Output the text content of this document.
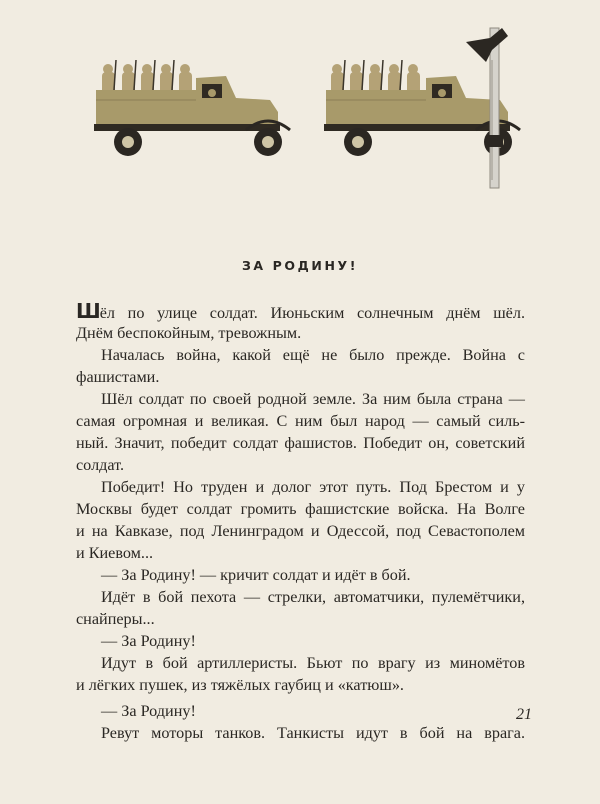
ЗА РОДИНУ!
Шёл по улице солдат. Июньским солнечным днём шёл.
Днём беспокойным, тревожным.
Началась война, какой ещё не было прежде. Война с
фашистами.
Шёл солдат по своей родной земле. За ним была страна —
самая огромная и великая. С ним был народ — самый силь-
ный. Значит, победит солдат фашистов. Победит он, советский
солдат.
Победит! Но труден и долог этот путь. Под Брестом и у
Москвы будет солдат громить фашистские войска. На Волге
и на Кавказе, под Ленинградом и Одессой, под Севастополем
и Киевом...
— За Родину! — кричит солдат и идёт в бой.
Идёт в бой пехота — стрелки, автоматчики, пулемётчики,
снайперы...
— За Родину!
Идут в бой артиллеристы. Бьют по врагу из миномётов
и лёгких пушек, из тяжёлых гаубиц и «катюш».
— За Родину!
Ревут моторы танков. Танкисты идут в бой на врага.
21
